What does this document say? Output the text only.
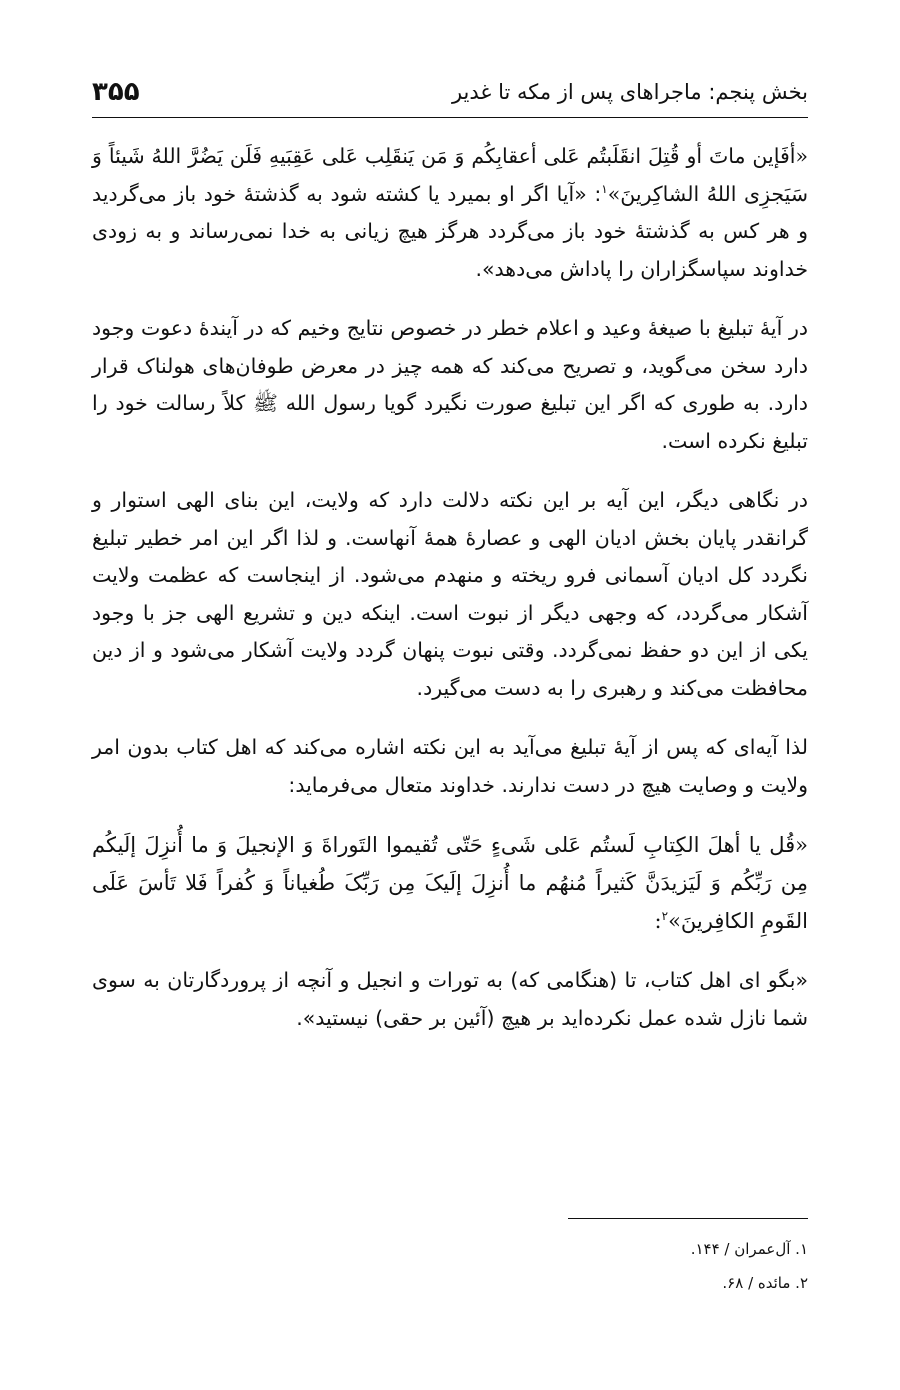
بخش پنجم: ماجراهای پس از مکه تا غدیر
۳۵۵

«أفَإین ماتَ أو قُتِلَ انقَلَبتُم عَلی أعقابِکُم وَ مَن یَنقَلِب عَلی عَقِبَیهِ فَلَن یَضُرَّ اللهُ شَیئاً وَ سَیَجزِی اللهُ الشاکِرینَ»$^۱$: «آیا اگر او بمیرد یا کشته شود به گذشتهٔ خود باز می‌گردید و هر کس به گذشتهٔ خود باز می‌گردد هرگز هیچ زیانی به خدا نمی‌رساند و به زودی خداوند سپاسگزاران را پاداش می‌دهد».

در آیهٔ تبلیغ با صیغهٔ وعید و اعلام خطر در خصوص نتایج وخیم که در آیندهٔ دعوت وجود دارد سخن می‌گوید، و تصریح می‌کند که همه چیز در معرض طوفان‌های هولناک قرار دارد. به طوری که اگر این تبلیغ صورت نگیرد گویا رسول الله ﷺ کلاً رسالت خود را تبلیغ نکرده است.

در نگاهی دیگر، این آیه بر این نکته دلالت دارد که ولایت، این بنای الهی استوار و گرانقدر پایان بخش ادیان الهی و عصارهٔ همهٔ آنهاست. و لذا اگر این امر خطیر تبلیغ نگردد کل ادیان آسمانی فرو ریخته و منهدم می‌شود. از اینجاست که عظمت ولایت آشکار می‌گردد، که وجهی دیگر از نبوت است. اینکه دین و تشریع الهی جز با وجود یکی از این دو حفظ نمی‌گردد. وقتی نبوت پنهان گردد ولایت آشکار می‌شود و از دین محافظت می‌کند و رهبری را به دست می‌گیرد.

لذا آیه‌ای که پس از آیهٔ تبلیغ می‌آید به این نکته اشاره می‌کند که اهل کتاب بدون امر ولایت و وصایت هیچ در دست ندارند. خداوند متعال می‌فرماید:

«قُل یا أهلَ الکِتابِ لَستُم عَلی شَیءٍ حَتّی تُقیموا التَوراةَ وَ الإنجیلَ وَ ما أُنزِلَ إلَیکُم مِن رَبِّکُم وَ لَیَزیدَنَّ کَثیراً مُنهُم ما أُنزِلَ إلَیکَ مِن رَبِّکَ طُغیاناً وَ کُفراً فَلا تَأسَ عَلَی القَومِ الکافِرینَ»$^۲$:

«بگو ای اهل کتاب، تا (هنگامی که) به تورات و انجیل و آنچه از پروردگارتان به سوی شما نازل شده عمل نکرده‌اید بر هیچ (آئین بر حقی) نیستید».

۱. آل‌عمران / ۱۴۴.
۲. مائده / ۶۸.
